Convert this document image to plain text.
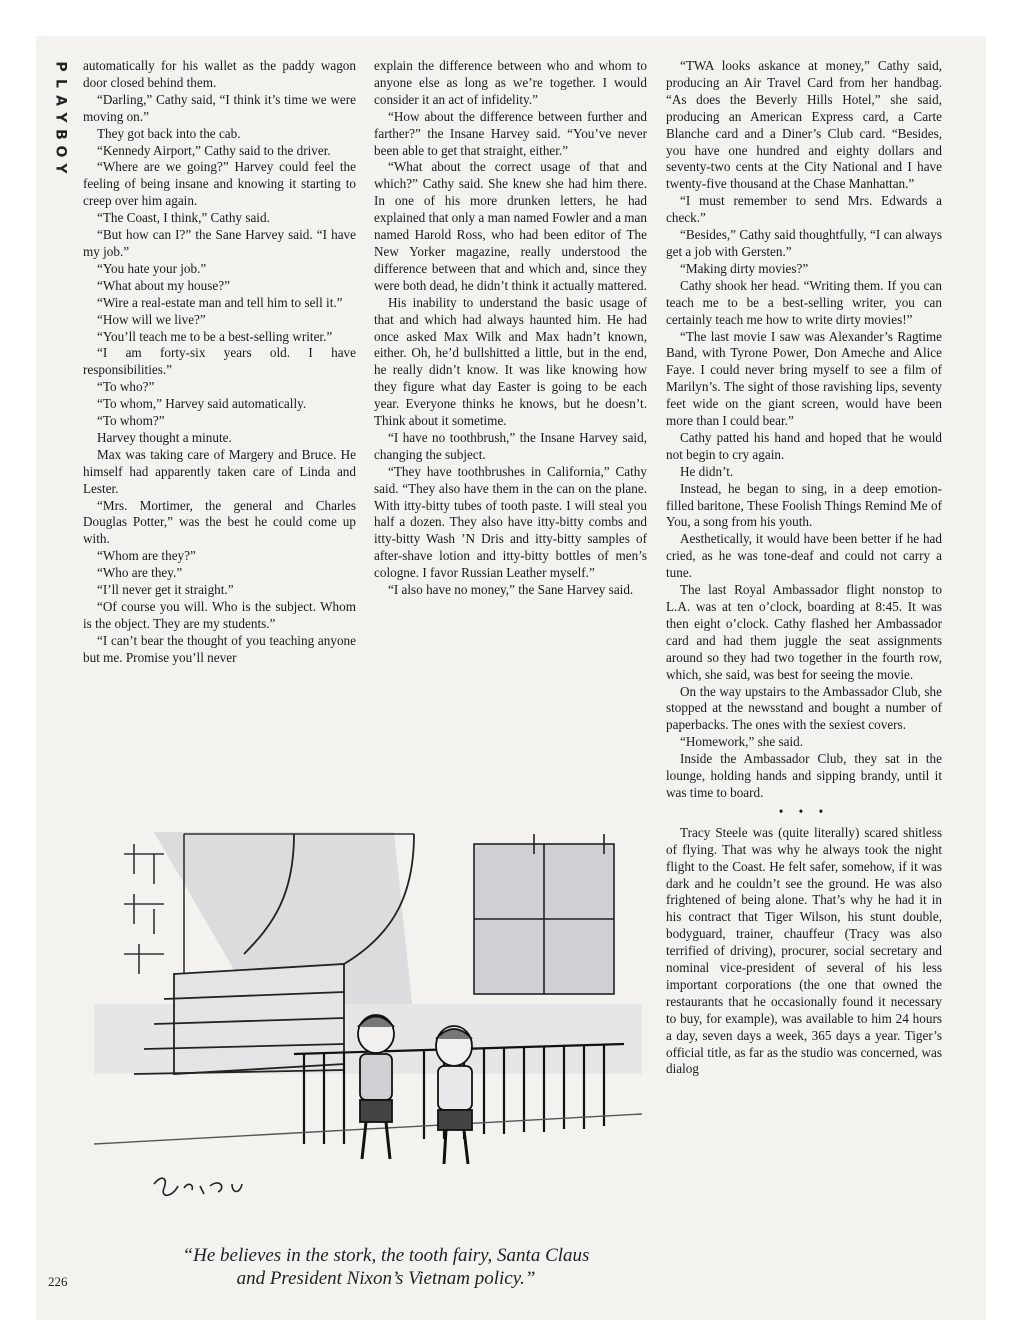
P
L
A
Y
B
O
Y

automatically for his wallet as the paddy wagon door closed behind them.

“Darling,” Cathy said, “I think it’s time we were moving on.”

They got back into the cab.

“Kennedy Airport,” Cathy said to the driver.

“Where are we going?” Harvey could feel the feeling of being insane and knowing it starting to creep over him again.

“The Coast, I think,” Cathy said.

“But how can I?” the Sane Harvey said. “I have my job.”

“You hate your job.”

“What about my house?”

“Wire a real-estate man and tell him to sell it.”

“How will we live?”

“You’ll teach me to be a best-selling writer.”

“I am forty-six years old. I have responsibilities.”

“To who?”

“To whom,” Harvey said automatically.

“To whom?”

Harvey thought a minute.

Max was taking care of Margery and Bruce. He himself had apparently taken care of Linda and Lester.

“Mrs. Mortimer, the general and Charles Douglas Potter,” was the best he could come up with.

“Whom are they?”

“Who are they.”

“I’ll never get it straight.”

“Of course you will. Who is the subject. Whom is the object. They are my students.”

“I can’t bear the thought of you teaching anyone but me. Promise you’ll never

explain the difference between who and whom to anyone else as long as we’re together. I would consider it an act of infidelity.”

“How about the difference between further and farther?” the Insane Harvey said. “You’ve never been able to get that straight, either.”

“What about the correct usage of that and which?” Cathy said. She knew she had him there. In one of his more drunken letters, he had explained that only a man named Fowler and a man named Harold Ross, who had been editor of The New Yorker magazine, really understood the difference between that and which and, since they were both dead, he didn’t think it actually mattered.

His inability to understand the basic usage of that and which had always haunted him. He had once asked Max Wilk and Max hadn’t known, either. Oh, he’d bullshitted a little, but in the end, he really didn’t know. It was like knowing how they figure what day Easter is going to be each year. Everyone thinks he knows, but he doesn’t. Think about it sometime.

“I have no toothbrush,” the Insane Harvey said, changing the subject.

“They have toothbrushes in California,” Cathy said. “They also have them in the can on the plane. With itty-bitty tubes of tooth paste. I will steal you half a dozen. They also have itty-bitty combs and itty-bitty Wash ’N Dris and itty-bitty samples of after-shave lotion and itty-bitty bottles of men’s cologne. I favor Russian Leather myself.”

“I also have no money,” the Sane Harvey said.

“TWA looks askance at money,” Cathy said, producing an Air Travel Card from her handbag. “As does the Beverly Hills Hotel,” she said, producing an American Express card, a Carte Blanche card and a Diner’s Club card. “Besides, you have one hundred and eighty dollars and seventy-two cents at the City National and I have twenty-five thousand at the Chase Manhattan.”

“I must remember to send Mrs. Edwards a check.”

“Besides,” Cathy said thoughtfully, “I can always get a job with Gersten.”

“Making dirty movies?”

Cathy shook her head. “Writing them. If you can teach me to be a best-selling writer, you can certainly teach me how to write dirty movies!”

“The last movie I saw was Alexander’s Ragtime Band, with Tyrone Power, Don Ameche and Alice Faye. I could never bring myself to see a film of Marilyn’s. The sight of those ravishing lips, seventy feet wide on the giant screen, would have been more than I could bear.”

Cathy patted his hand and hoped that he would not begin to cry again.

He didn’t.

Instead, he began to sing, in a deep emotion-filled baritone, These Foolish Things Remind Me of You, a song from his youth.

Aesthetically, it would have been better if he had cried, as he was tone-deaf and could not carry a tune.

The last Royal Ambassador flight nonstop to L.A. was at ten o’clock, boarding at 8:45. It was then eight o’clock. Cathy flashed her Ambassador card and had them juggle the seat assignments around so they had two together in the fourth row, which, she said, was best for seeing the movie.

On the way upstairs to the Ambassador Club, she stopped at the newsstand and bought a number of paperbacks. The ones with the sexiest covers.

“Homework,” she said.

Inside the Ambassador Club, they sat in the lounge, holding hands and sipping brandy, until it was time to board.

• • •

Tracy Steele was (quite literally) scared shitless of flying. That was why he always took the night flight to the Coast. He felt safer, somehow, if it was dark and he couldn’t see the ground. He was also frightened of being alone. That’s why he had it in his contract that Tiger Wilson, his stunt double, bodyguard, trainer, chauffeur (Tracy was also terrified of driving), procurer, social secretary and nominal vice-president of several of his less important corporations (the one that owned the restaurants that he occasionally found it necessary to buy, for example), was available to him 24 hours a day, seven days a week, 365 days a year. Tiger’s official title, as far as the studio was concerned, was dialog

“He believes in the stork, the tooth fairy, Santa Claus
and President Nixon’s Vietnam policy.”
226
